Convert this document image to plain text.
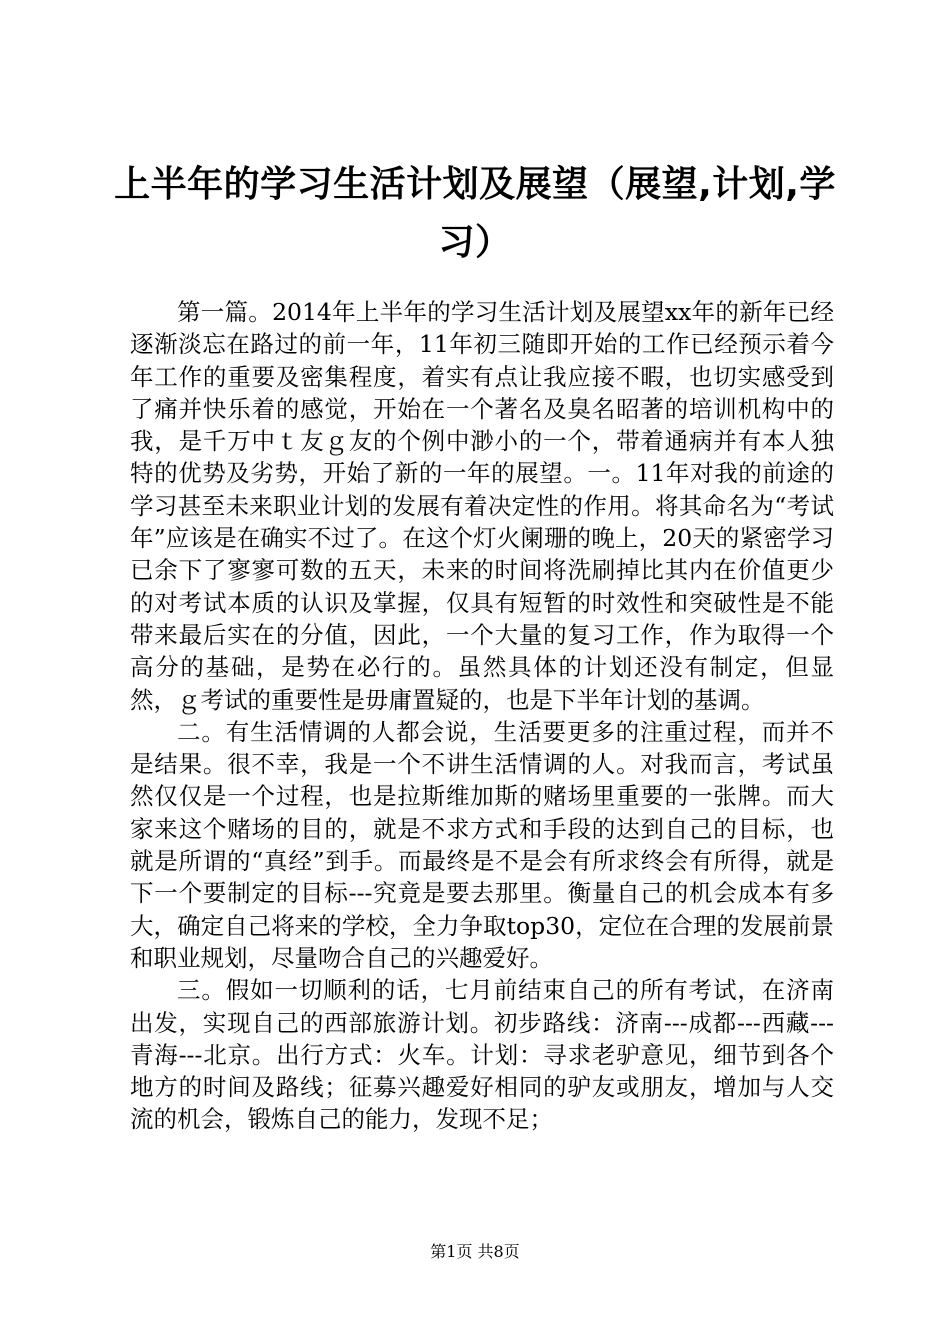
上半年的学习生活计划及展望（展望,计划,学习）

第一篇。2014年上半年的学习生活计划及展望xx年的新年已经逐渐淡忘在路过的前一年，11年初三随即开始的工作已经预示着今年工作的重要及密集程度，着实有点让我应接不暇，也切实感受到了痛并快乐着的感觉，开始在一个著名及臭名昭著的培训机构中的我，是千万中ｔ友ｇ友的个例中渺小的一个，带着通病并有本人独特的优势及劣势，开始了新的一年的展望。一。11年对我的前途的学习甚至未来职业计划的发展有着决定性的作用。将其命名为“考试年”应该是在确实不过了。在这个灯火阑珊的晚上，20天的紧密学习已余下了寥寥可数的五天，未来的时间将洗刷掉比其内在价值更少的对考试本质的认识及掌握，仅具有短暂的时效性和突破性是不能带来最后实在的分值，因此，一个大量的复习工作，作为取得一个高分的基础，是势在必行的。虽然具体的计划还没有制定，但显然，ｇ考试的重要性是毋庸置疑的，也是下半年计划的基调。

二。有生活情调的人都会说，生活要更多的注重过程，而并不是结果。很不幸，我是一个不讲生活情调的人。对我而言，考试虽然仅仅是一个过程，也是拉斯维加斯的赌场里重要的一张牌。而大家来这个赌场的目的，就是不求方式和手段的达到自己的目标，也就是所谓的“真经”到手。而最终是不是会有所求终会有所得，就是下一个要制定的目标---究竟是要去那里。衡量自己的机会成本有多大，确定自己将来的学校，全力争取top30，定位在合理的发展前景和职业规划，尽量吻合自己的兴趣爱好。

三。假如一切顺利的话，七月前结束自己的所有考试，在济南出发，实现自己的西部旅游计划。初步路线：济南---成都---西藏---青海---北京。出行方式：火车。计划：寻求老驴意见，细节到各个地方的时间及路线；征募兴趣爱好相同的驴友或朋友，增加与人交流的机会，锻炼自己的能力，发现不足；

第1页 共8页
